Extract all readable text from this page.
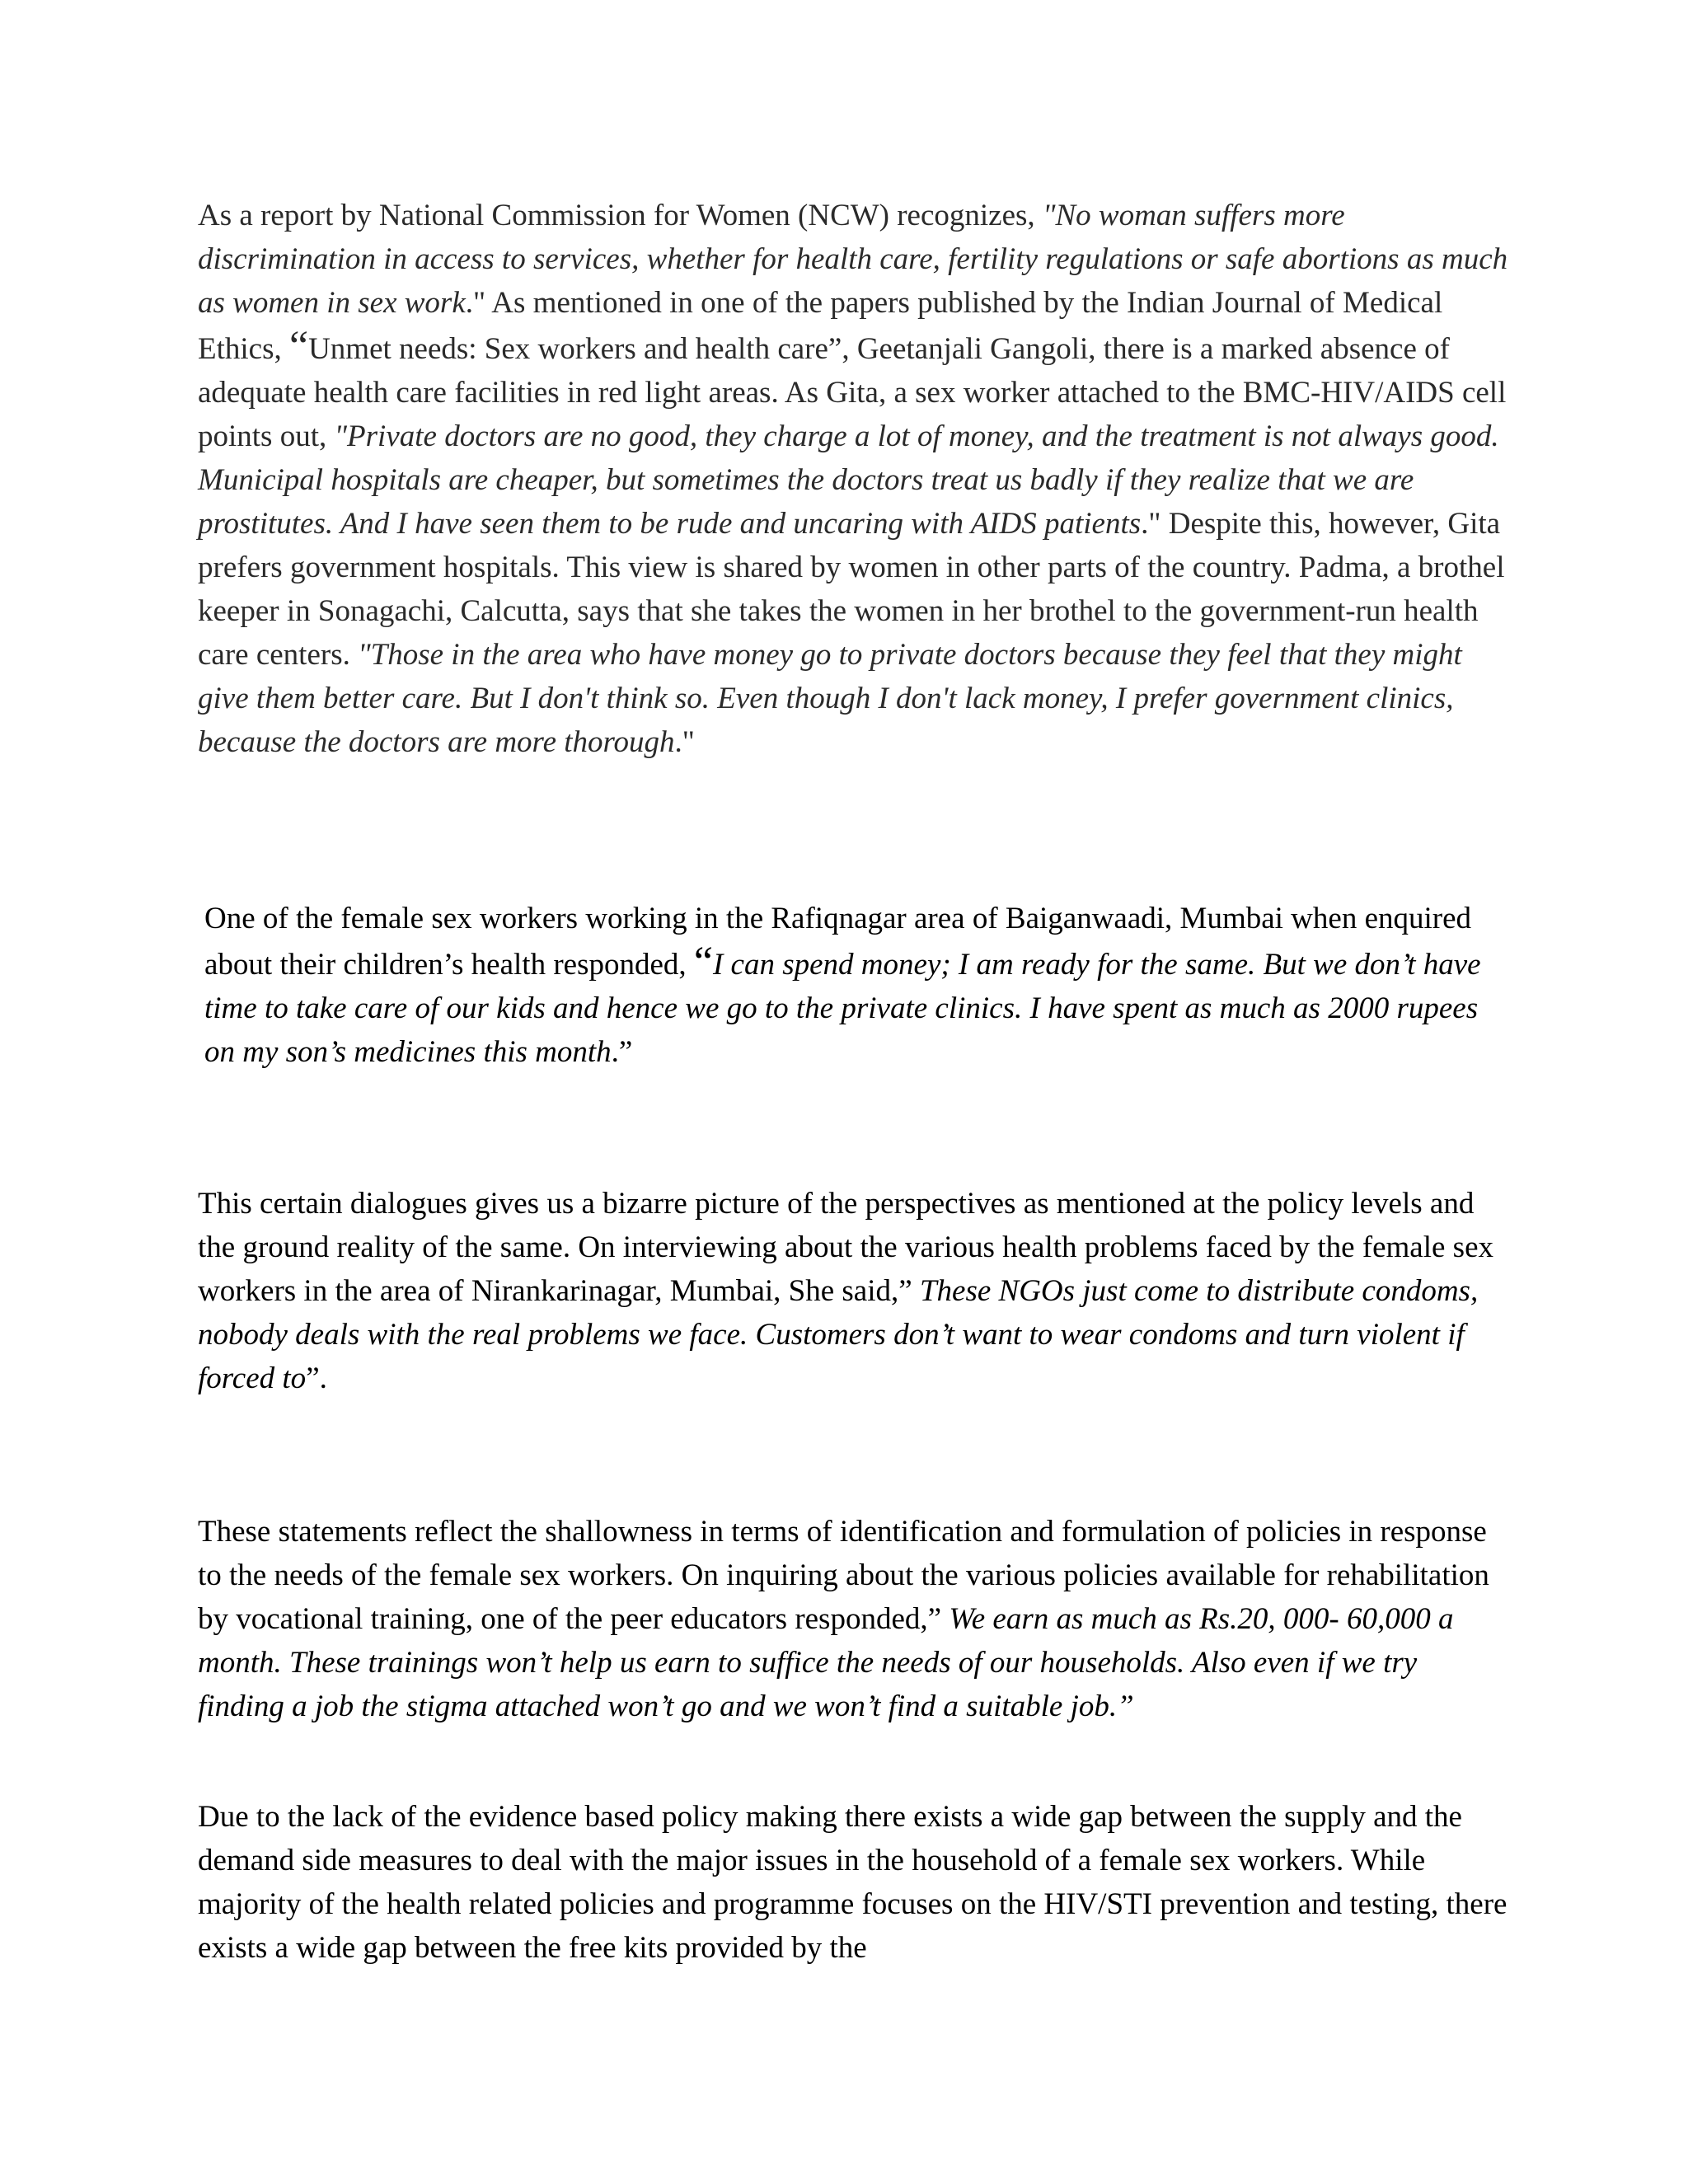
As a report by National Commission for Women (NCW) recognizes, "No woman suffers more discrimination in access to services, whether for health care, fertility regulations or safe abortions as much as women in sex work." As mentioned in one of the papers published by the Indian Journal of Medical Ethics, “Unmet needs: Sex workers and health care”, Geetanjali Gangoli, there is a marked absence of adequate health care facilities in red light areas. As Gita, a sex worker attached to the BMC-HIV/AIDS cell points out, "Private doctors are no good, they charge a lot of money, and the treatment is not always good. Municipal hospitals are cheaper, but sometimes the doctors treat us badly if they realize that we are prostitutes. And I have seen them to be rude and uncaring with AIDS patients." Despite this, however, Gita prefers government hospitals. This view is shared by women in other parts of the country. Padma, a brothel keeper in Sonagachi, Calcutta, says that she takes the women in her brothel to the government-run health care centers. "Those in the area who have money go to private doctors because they feel that they might give them better care. But I don't think so. Even though I don't lack money, I prefer government clinics, because the doctors are more thorough."

One of the female sex workers working in the Rafiqnagar area of Baiganwaadi, Mumbai when enquired about their children’s health responded, “I can spend money; I am ready for the same. But we don’t have time to take care of our kids and hence we go to the private clinics. I have spent as much as 2000 rupees on my son’s medicines this month.”

This certain dialogues gives us a bizarre picture of the perspectives as mentioned at the policy levels and the ground reality of the same. On interviewing about the various health problems faced by the female sex workers in the area of Nirankarinagar, Mumbai, She said,” These NGOs just come to distribute condoms, nobody deals with the real problems we face. Customers don’t want to wear condoms and turn violent if forced to”.

These statements reflect the shallowness in terms of identification and formulation of policies in response to the needs of the female sex workers. On inquiring about the various policies available for rehabilitation by vocational training, one of the peer educators responded,” We earn as much as Rs.20, 000- 60,000 a month. These trainings won’t help us earn to suffice the needs of our households. Also even if we try finding a job the stigma attached won’t go and we won’t find a suitable job.”

Due to the lack of the evidence based policy making there exists a wide gap between the supply and the demand side measures to deal with the major issues in the household of a female sex workers. While majority of the health related policies and programme focuses on the HIV/STI prevention and testing, there exists a wide gap between the free kits provided by the
